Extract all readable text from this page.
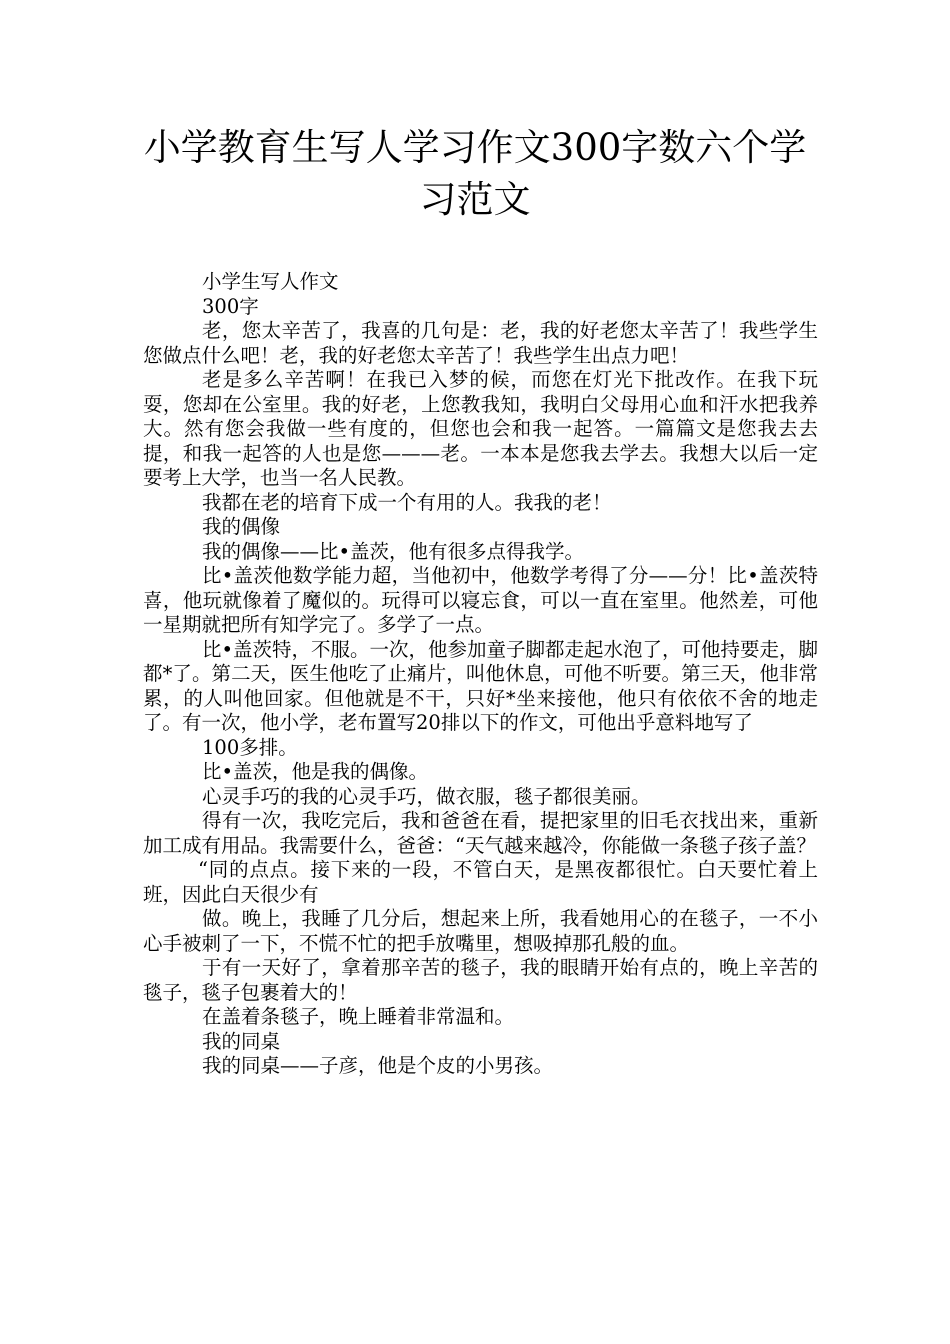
小学教育生写人学习作文300字数六个学
习范文

小学生写人作文

300字

老，您太辛苦了，我喜的几句是：老，我的好老您太辛苦了！我些学生您做点什么吧！老，我的好老您太辛苦了！我些学生出点力吧！

老是多么辛苦啊！在我已入梦的候，而您在灯光下批改作。在我下玩耍，您却在公室里。我的好老，上您教我知，我明白父母用心血和汗水把我养大。然有您会我做一些有度的，但您也会和我一起答。一篇篇文是您我去去提，和我一起答的人也是您———老。一本本是您我去学去。我想大以后一定要考上大学，也当一名人民教。

我都在老的培育下成一个有用的人。我我的老！

我的偶像

我的偶像——比•盖茨，他有很多点得我学。

比•盖茨他数学能力超，当他初中，他数学考得了分——分！比•盖茨特喜，他玩就像着了魔似的。玩得可以寝忘食，可以一直在室里。他然差，可他一星期就把所有知学完了。多学了一点。

比•盖茨特，不服。一次，他参加童子脚都走起水泡了，可他持要走，脚都*了。第二天，医生他吃了止痛片，叫他休息，可他不听要。第三天，他非常累，的人叫他回家。但他就是不干，只好*坐来接他，他只有依依不舍的地走了。有一次，他小学，老布置写20排以下的作文，可他出乎意料地写了

100多排。

比•盖茨，他是我的偶像。

心灵手巧的我的心灵手巧，做衣服，毯子都很美丽。

得有一次，我吃完后，我和爸爸在看，提把家里的旧毛衣找出来，重新加工成有用品。我需要什么，爸爸：“天气越来越冷，你能做一条毯子孩子盖？

“同的点点。接下来的一段，不管白天，是黑夜都很忙。白天要忙着上班，因此白天很少有

做。晚上，我睡了几分后，想起来上所，我看她用心的在毯子，一不小心手被刺了一下，不慌不忙的把手放嘴里，想吸掉那孔般的血。

于有一天好了，拿着那辛苦的毯子，我的眼睛开始有点的，晚上辛苦的毯子，毯子包裹着大的！

在盖着条毯子，晚上睡着非常温和。

我的同桌

我的同桌——子彦，他是个皮的小男孩。
